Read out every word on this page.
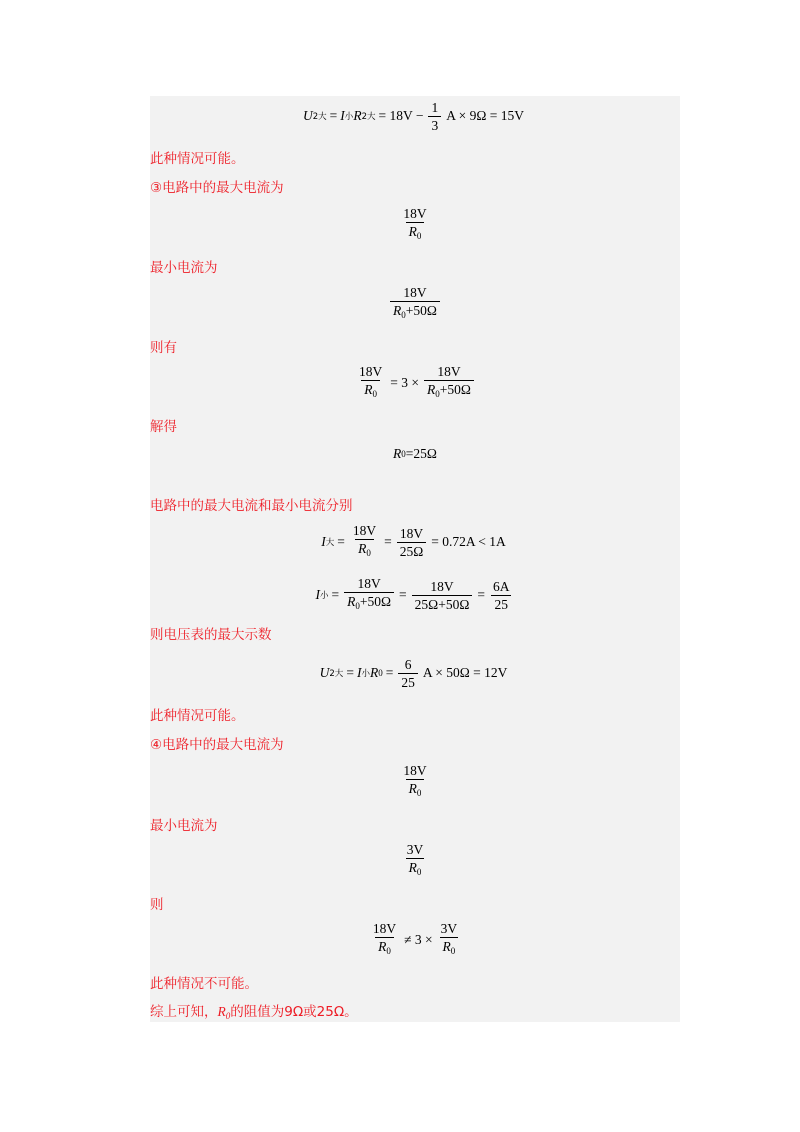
U 2大 = I 小 R 2大 = $18V - \frac{1}{3}$ A × 9Ω = 15V
此种情况可能。
③电路中的最大电流为
$\frac{18V}{R_0}$
最小电流为
$\frac{18V}{R_0+50\Omega}$
则有
$\frac{18V}{R_0} = 3 \times \frac{18V}{R_0+50\Omega}$
解得
R 0 =25Ω
电路中的最大电流和最小电流分别
I 大 = $\frac{18V}{R_0} = \frac{18V}{25\Omega} = 0.72A < 1A$
I 小 = $\frac{18V}{R_0+50\Omega} = \frac{18V}{25\Omega+50\Omega} = \frac{6A}{25}$
则电压表的最大示数
U 2大 = I 小 R $0 = \frac{6}{25}$ A × 50Ω = 12V
此种情况可能。
④电路中的最大电流为
$\frac{18V}{R_0}$
最小电流为
$\frac{3V}{R_0}$
则
$\frac{18V}{R_0} \ne 3 \times \frac{3V}{R_0}$
此种情况不可能。
综上可知，$R_0$的阻值为9Ω或25Ω。
